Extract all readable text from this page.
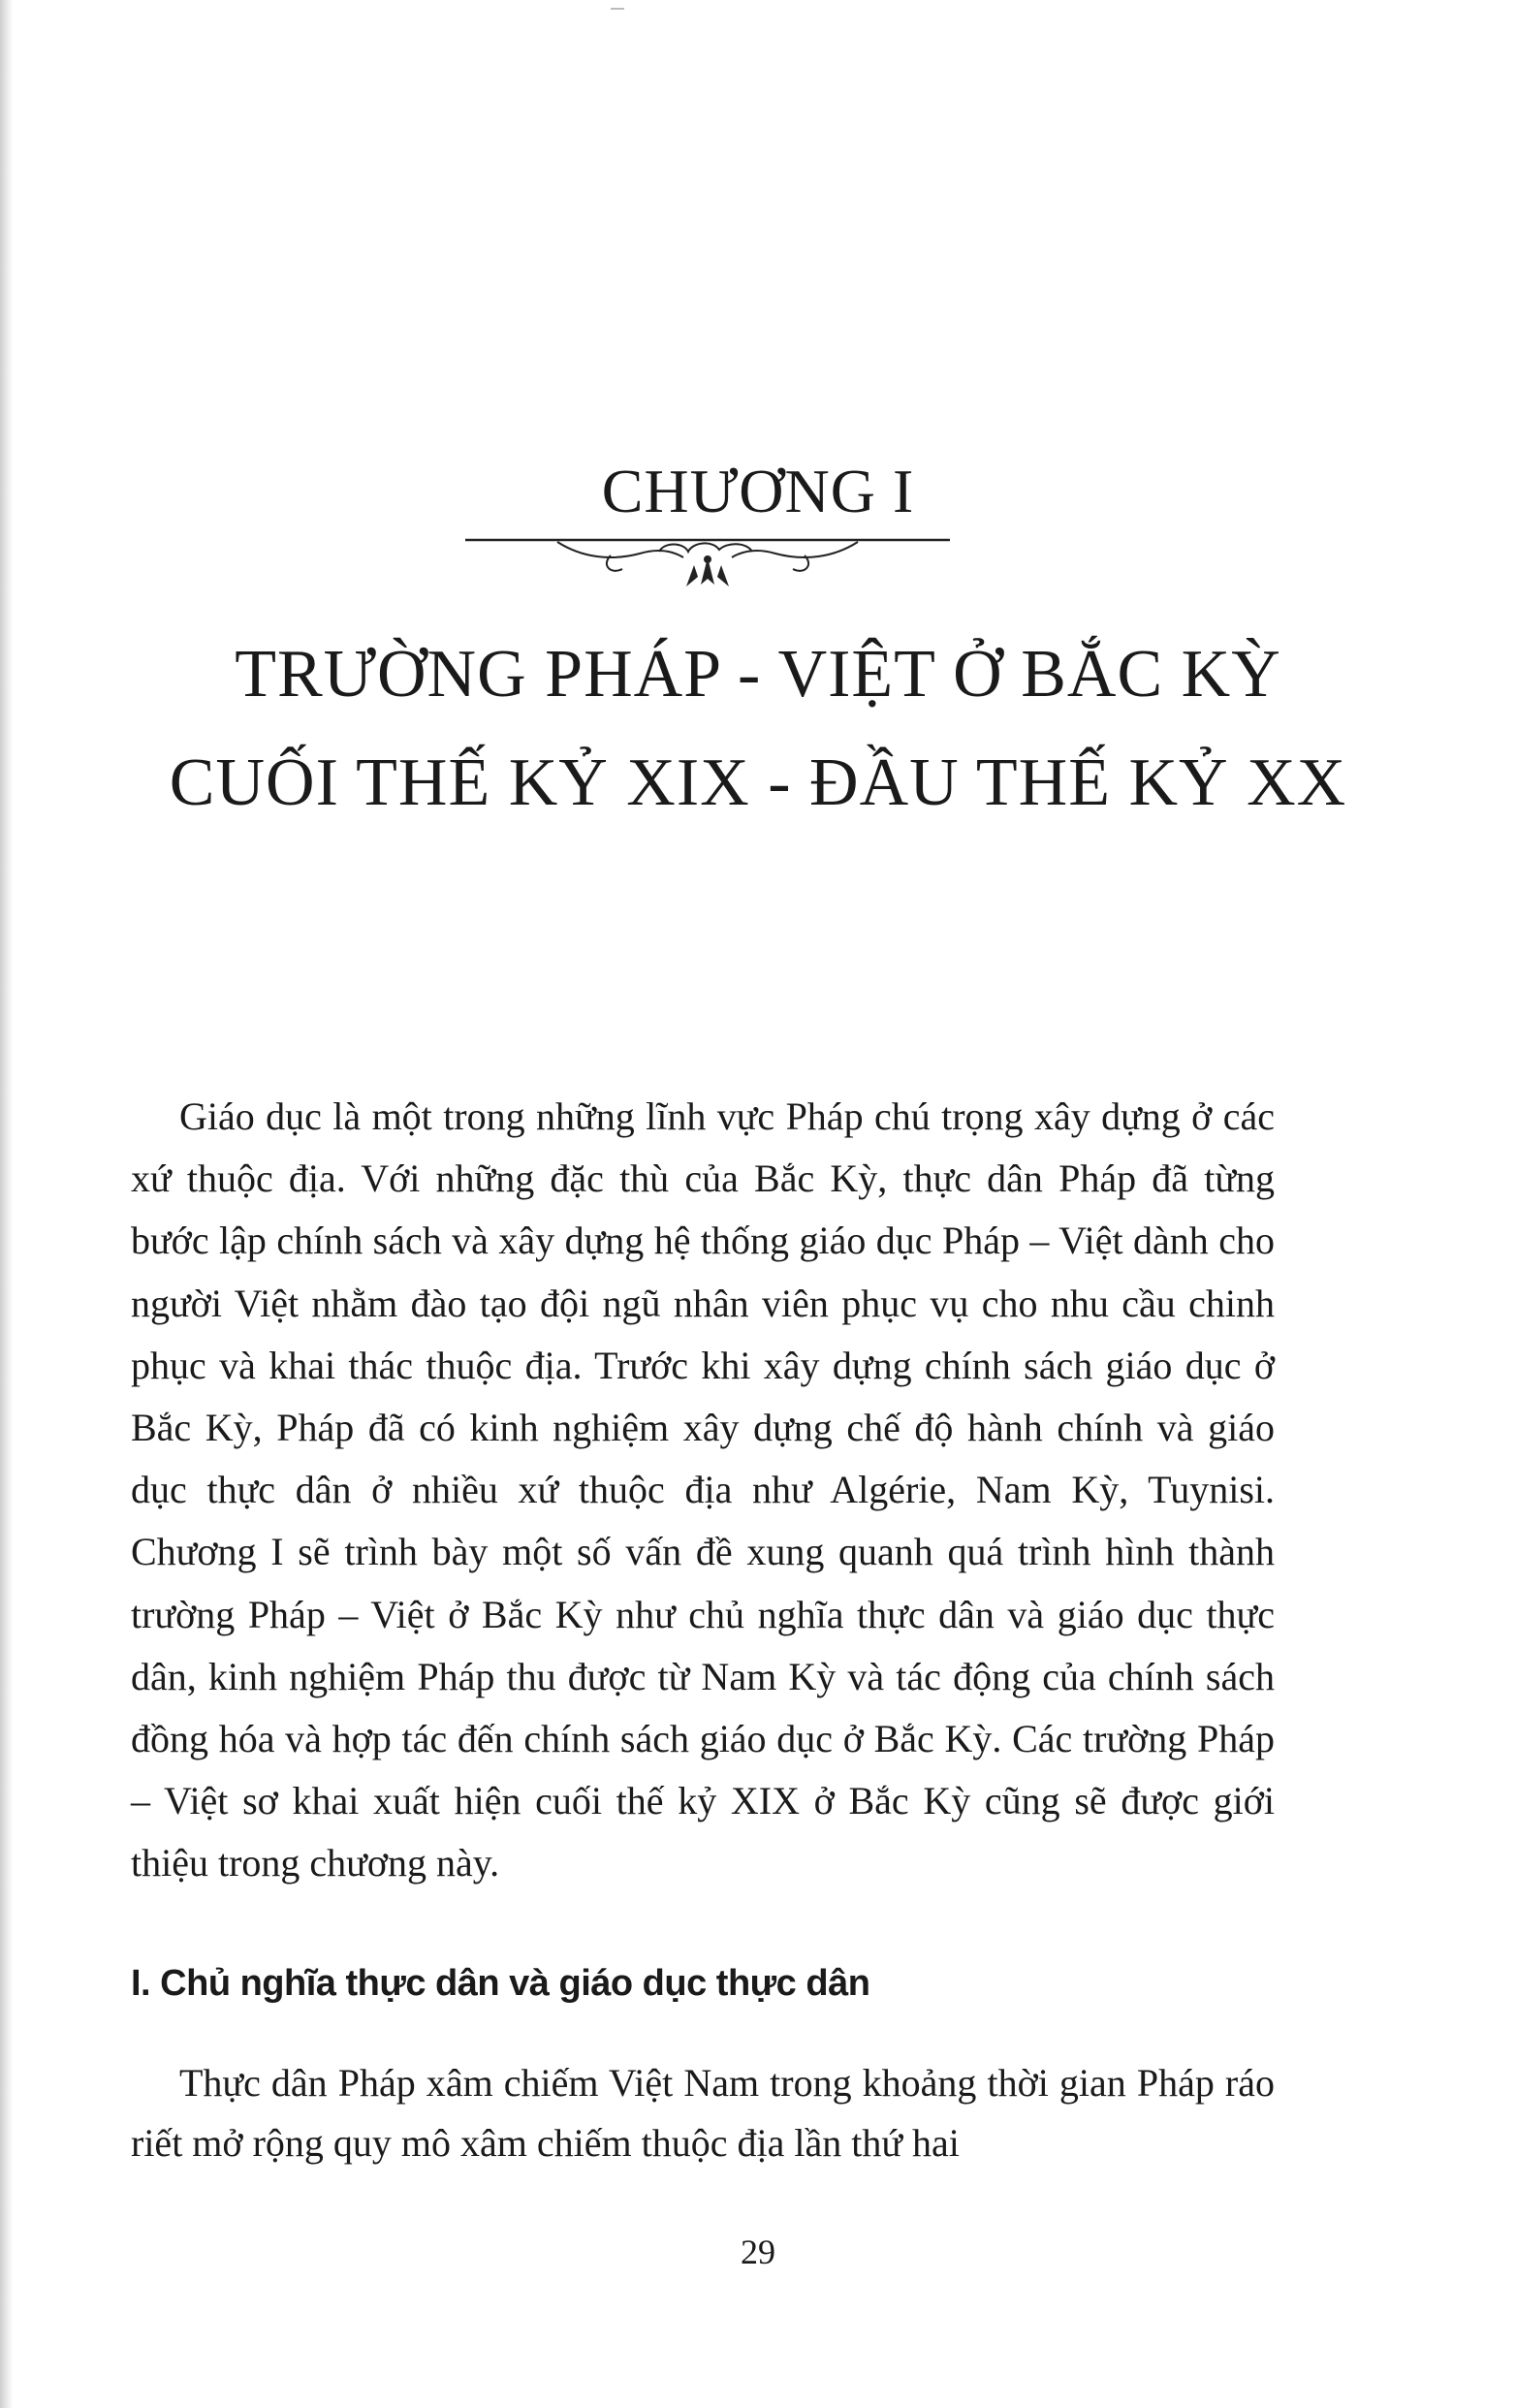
CHƯƠNG I
TRƯỜNG PHÁP - VIỆT Ở BẮC KỲ
CUỐI THẾ KỶ XIX - ĐẦU THẾ KỶ XX

Giáo dục là một trong những lĩnh vực Pháp chú trọng xây dựng ở các xứ thuộc địa. Với những đặc thù của Bắc Kỳ, thực dân Pháp đã từng bước lập chính sách và xây dựng hệ thống giáo dục Pháp – Việt dành cho người Việt nhằm đào tạo đội ngũ nhân viên phục vụ cho nhu cầu chinh phục và khai thác thuộc địa. Trước khi xây dựng chính sách giáo dục ở Bắc Kỳ, Pháp đã có kinh nghiệm xây dựng chế độ hành chính và giáo dục thực dân ở nhiều xứ thuộc địa như Algérie, Nam Kỳ, Tuynisi. Chương I sẽ trình bày một số vấn đề xung quanh quá trình hình thành trường Pháp – Việt ở Bắc Kỳ như chủ nghĩa thực dân và giáo dục thực dân, kinh nghiệm Pháp thu được từ Nam Kỳ và tác động của chính sách đồng hóa và hợp tác đến chính sách giáo dục ở Bắc Kỳ. Các trường Pháp – Việt sơ khai xuất hiện cuối thế kỷ XIX ở Bắc Kỳ cũng sẽ được giới thiệu trong chương này.

I. Chủ nghĩa thực dân và giáo dục thực dân

Thực dân Pháp xâm chiếm Việt Nam trong khoảng thời gian Pháp ráo riết mở rộng quy mô xâm chiếm thuộc địa lần thứ hai

29
